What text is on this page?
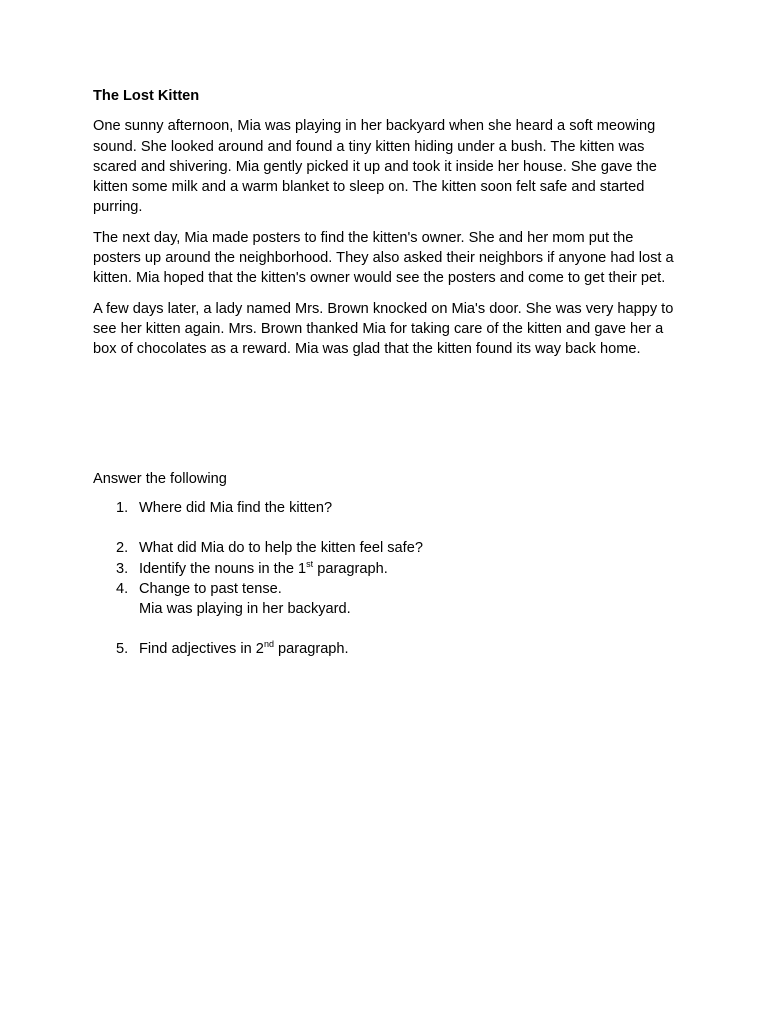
The Lost Kitten

One sunny afternoon, Mia was playing in her backyard when she heard a soft meowing sound. She looked around and found a tiny kitten hiding under a bush. The kitten was scared and shivering. Mia gently picked it up and took it inside her house. She gave the kitten some milk and a warm blanket to sleep on. The kitten soon felt safe and started purring.

The next day, Mia made posters to find the kitten's owner. She and her mom put the posters up around the neighborhood. They also asked their neighbors if anyone had lost a kitten. Mia hoped that the kitten's owner would see the posters and come to get their pet.

A few days later, a lady named Mrs. Brown knocked on Mia's door. She was very happy to see her kitten again. Mrs. Brown thanked Mia for taking care of the kitten and gave her a box of chocolates as a reward. Mia was glad that the kitten found its way back home.

Answer the following

1. Where did Mia find the kitten?
2. What did Mia do to help the kitten feel safe?
3. Identify the nouns in the 1st paragraph.
4. Change to past tense.
Mia was playing in her backyard.
5. Find adjectives in 2nd paragraph.
